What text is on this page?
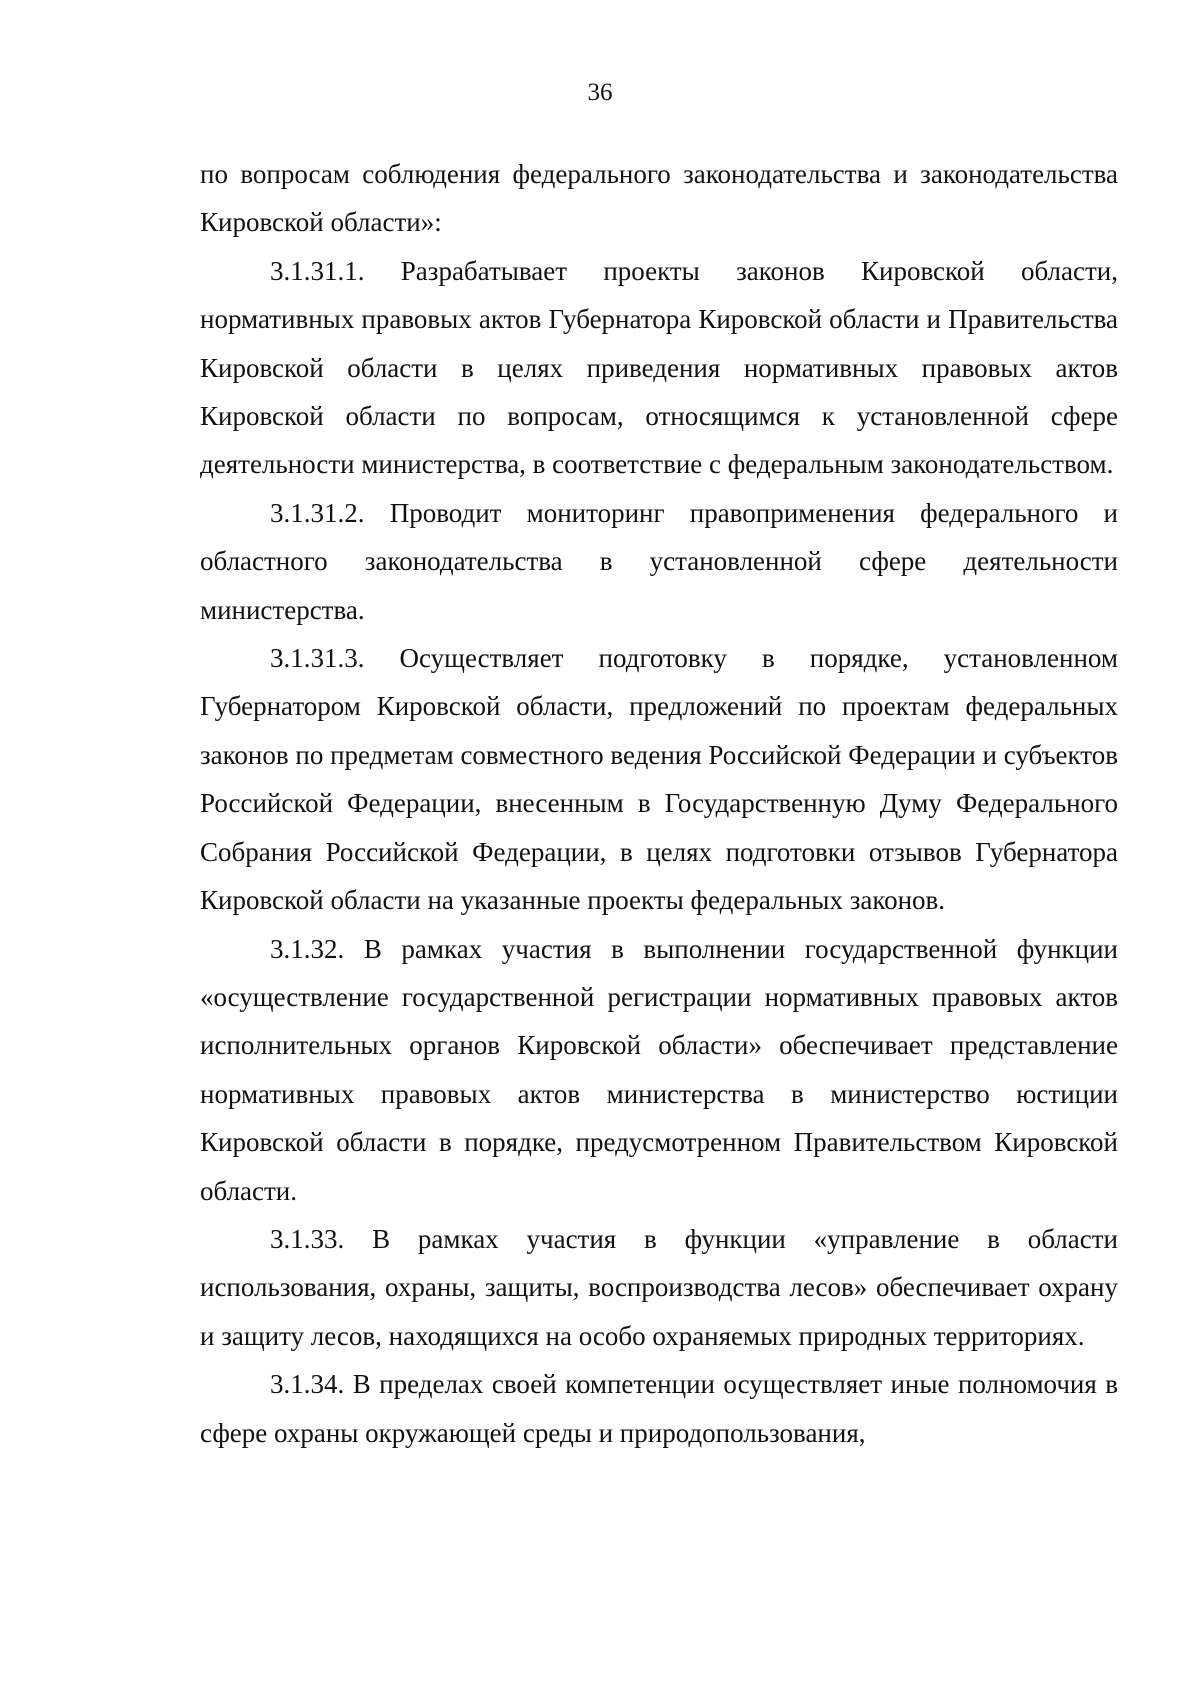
36

по вопросам соблюдения федерального законодательства и законодательства Кировской области»:

3.1.31.1. Разрабатывает проекты законов Кировской области, нормативных правовых актов Губернатора Кировской области и Правительства Кировской области в целях приведения нормативных правовых актов Кировской области по вопросам, относящимся к установленной сфере деятельности министерства, в соответствие с федеральным законодательством.

3.1.31.2. Проводит мониторинг правоприменения федерального и областного законодательства в установленной сфере деятельности министерства.

3.1.31.3. Осуществляет подготовку в порядке, установленном Губернатором Кировской области, предложений по проектам федеральных законов по предметам совместного ведения Российской Федерации и субъектов Российской Федерации, внесенным в Государственную Думу Федерального Собрания Российской Федерации, в целях подготовки отзывов Губернатора Кировской области на указанные проекты федеральных законов.

3.1.32. В рамках участия в выполнении государственной функции «осуществление государственной регистрации нормативных правовых актов исполнительных органов Кировской области» обеспечивает представление нормативных правовых актов министерства в министерство юстиции Кировской области в порядке, предусмотренном Правительством Кировской области.

3.1.33. В рамках участия в функции «управление в области использования, охраны, защиты, воспроизводства лесов» обеспечивает охрану и защиту лесов, находящихся на особо охраняемых природных территориях.

3.1.34. В пределах своей компетенции осуществляет иные полномочия в сфере охраны окружающей среды и природопользования,
